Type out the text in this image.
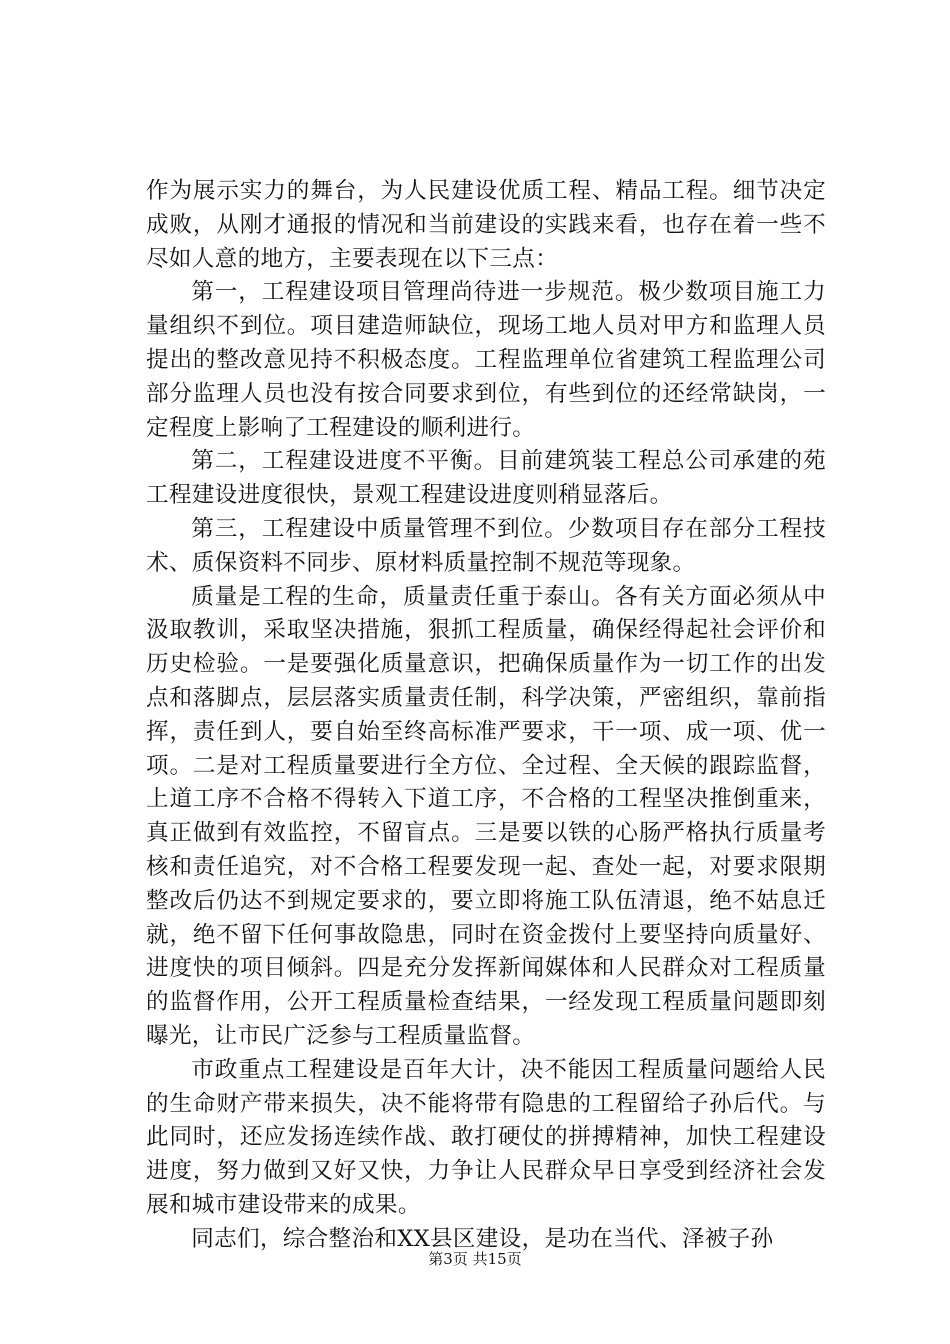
作为展示实力的舞台，为人民建设优质工程、精品工程。细节决定成败，从刚才通报的情况和当前建设的实践来看，也存在着一些不尽如人意的地方，主要表现在以下三点：

第一，工程建设项目管理尚待进一步规范。极少数项目施工力量组织不到位。项目建造师缺位，现场工地人员对甲方和监理人员提出的整改意见持不积极态度。工程监理单位省建筑工程监理公司部分监理人员也没有按合同要求到位，有些到位的还经常缺岗，一定程度上影响了工程建设的顺利进行。

第二，工程建设进度不平衡。目前建筑装工程总公司承建的苑工程建设进度很快，景观工程建设进度则稍显落后。

第三，工程建设中质量管理不到位。少数项目存在部分工程技术、质保资料不同步、原材料质量控制不规范等现象。

质量是工程的生命，质量责任重于泰山。各有关方面必须从中汲取教训，采取坚决措施，狠抓工程质量，确保经得起社会评价和历史检验。一是要强化质量意识，把确保质量作为一切工作的出发点和落脚点，层层落实质量责任制，科学决策，严密组织，靠前指挥，责任到人，要自始至终高标准严要求，干一项、成一项、优一项。二是对工程质量要进行全方位、全过程、全天候的跟踪监督，上道工序不合格不得转入下道工序，不合格的工程坚决推倒重来，真正做到有效监控，不留盲点。三是要以铁的心肠严格执行质量考核和责任追究，对不合格工程要发现一起、查处一起，对要求限期整改后仍达不到规定要求的，要立即将施工队伍清退，绝不姑息迁就，绝不留下任何事故隐患，同时在资金拨付上要坚持向质量好、进度快的项目倾斜。四是充分发挥新闻媒体和人民群众对工程质量的监督作用，公开工程质量检查结果，一经发现工程质量问题即刻曝光，让市民广泛参与工程质量监督。

市政重点工程建设是百年大计，决不能因工程质量问题给人民的生命财产带来损失，决不能将带有隐患的工程留给子孙后代。与此同时，还应发扬连续作战、敢打硬仗的拼搏精神，加快工程建设进度，努力做到又好又快，力争让人民群众早日享受到经济社会发展和城市建设带来的成果。

同志们，综合整治和XX县区建设，是功在当代、泽被子孙

第3页 共15页
